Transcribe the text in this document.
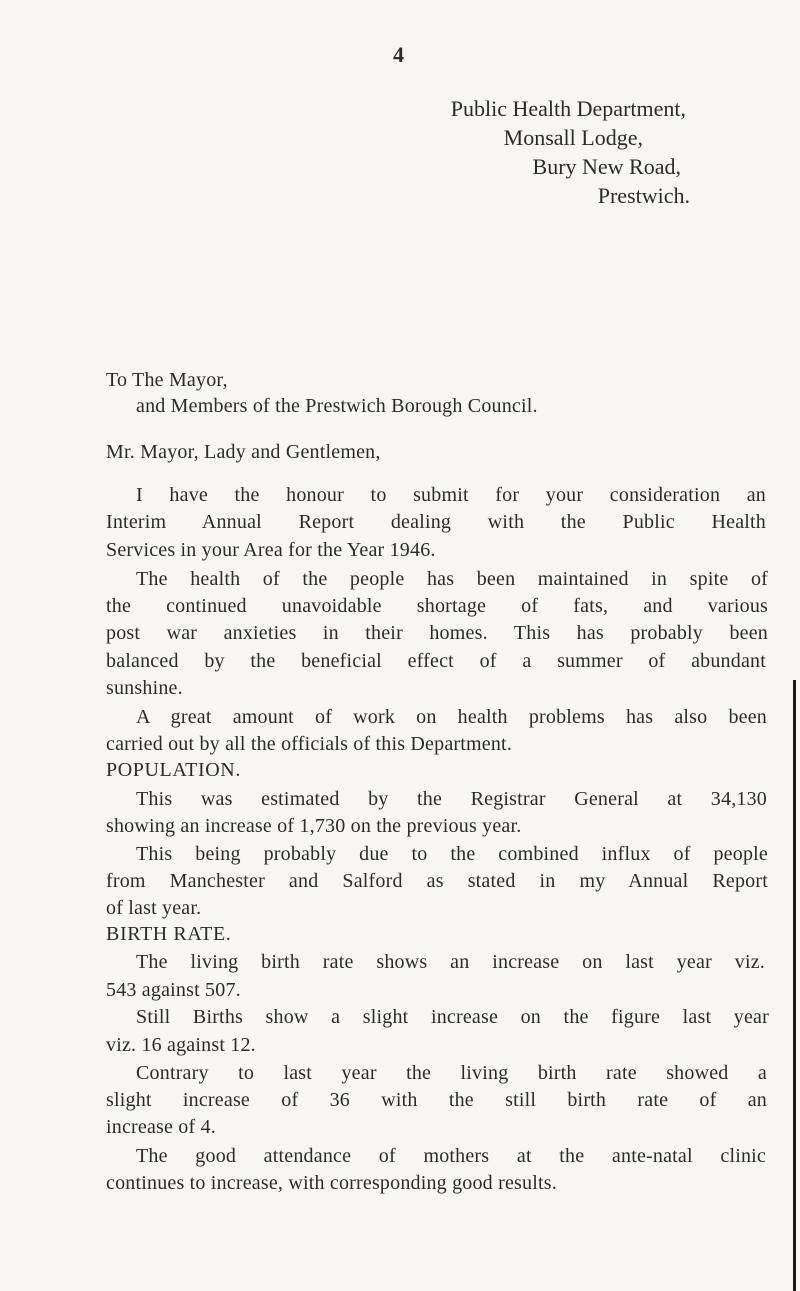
4
Public Health Department,
Monsall Lodge,
Bury New Road,
Prestwich.
To The Mayor,
and Members of the Prestwich Borough Council.
Mr. Mayor, Lady and Gentlemen,
I have the honour to submit for your consideration an
Interim Annual Report dealing with the Public Health
Services in your Area for the Year 1946.
The health of the people has been maintained in spite of
the continued unavoidable shortage of fats, and various
post war anxieties in their homes. This has probably been
balanced by the beneficial effect of a summer of abundant
sunshine.
A great amount of work on health problems has also been
carried out by all the officials of this Department.
POPULATION.
This was estimated by the Registrar General at 34,130
showing an increase of 1,730 on the previous year.
This being probably due to the combined influx of people
from Manchester and Salford as stated in my Annual Report
of last year.
BIRTH RATE.
The living birth rate shows an increase on last year viz.
543 against 507.
Still Births show a slight increase on the figure last year
viz. 16 against 12.
Contrary to last year the living birth rate showed a
slight increase of 36 with the still birth rate of an
increase of 4.
The good attendance of mothers at the ante-natal clinic
continues to increase, with corresponding good results.
